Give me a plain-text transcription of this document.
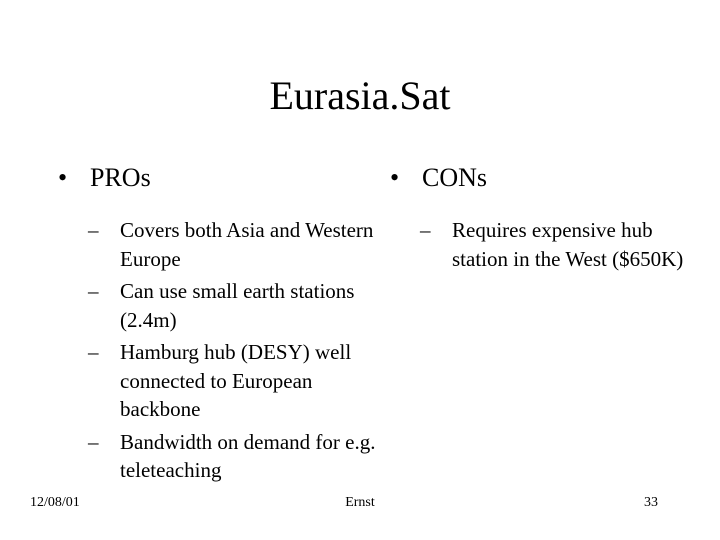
Eurasia.Sat
• PROs
– Covers both Asia and Western Europe
– Can use small earth stations (2.4m)
– Hamburg hub (DESY) well connected to European backbone
– Bandwidth on demand for e.g. teleteaching
• CONs
– Requires expensive hub station in the West ($650K)
12/08/01	Ernst	33
